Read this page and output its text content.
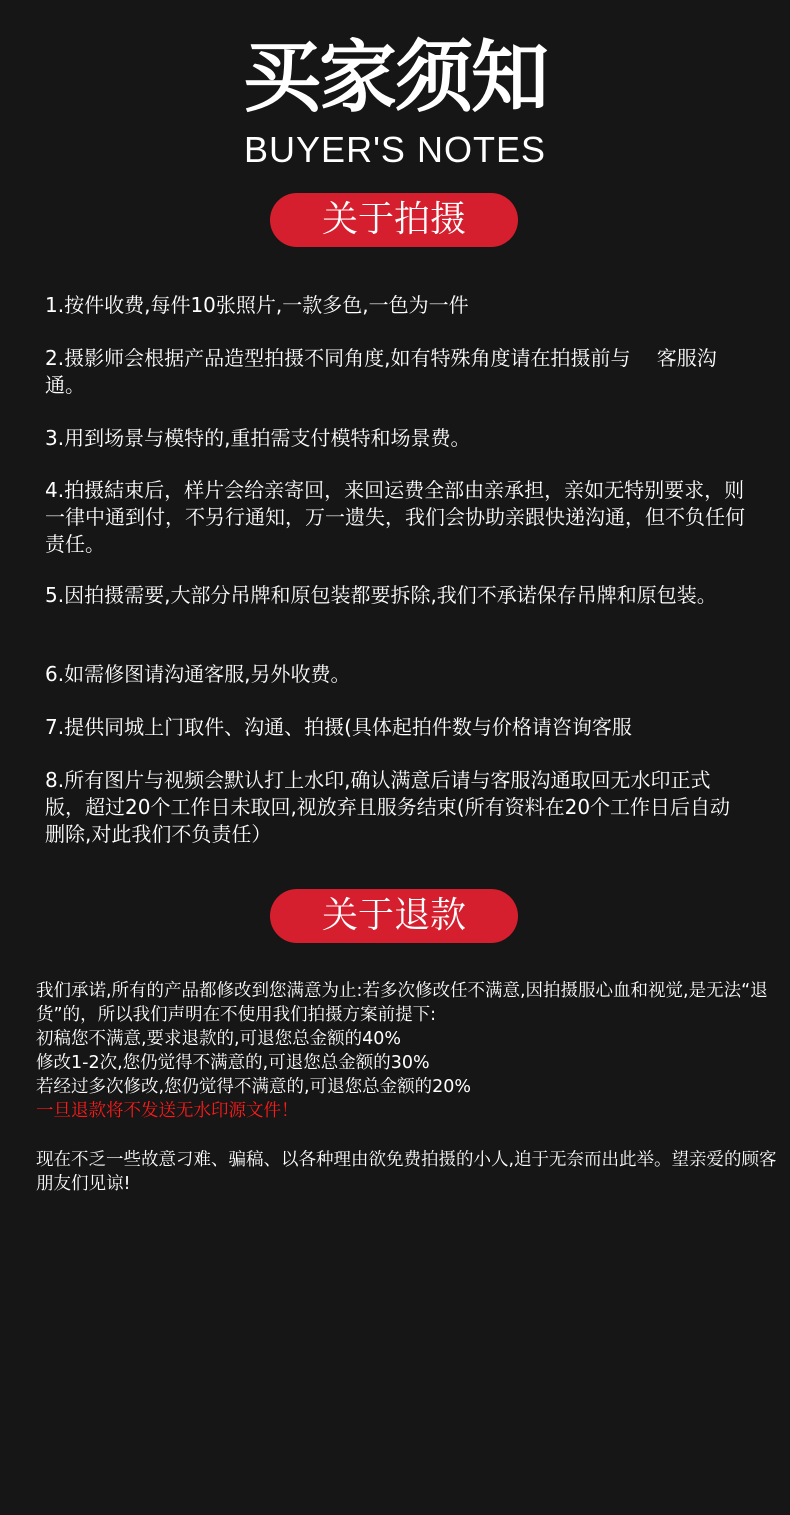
买家须知
BUYER'S NOTES
关于拍摄

1.按件收费,每件10张照片,一款多色,一色为一件

2.摄影师会根据产品造型拍摄不同角度,如有特殊角度请在拍摄前与　 客服沟通。

3.用到场景与模特的,重拍需支付模特和场景费。

4.拍摄結束后，样片会给亲寄回，来回运费全部由亲承担，亲如无特别要求，则一律中通到付，不另行通知，万一遗失，我们会协助亲跟快递沟通，但不负任何责任。

5.因拍摄需要,大部分吊牌和原包装都要拆除,我们不承诺保存吊牌和原包装。

6.如需修图请沟通客服,另外收费。

7.提供同城上门取件、沟通、拍摄(具体起拍件数与价格请咨询客服

8.所有图片与视频会默认打上水印,确认满意后请与客服沟通取回无水印正式版，超过20个工作日未取回,视放弃且服务结束(所有资料在20个工作日后自动删除,对此我们不负责任）

关于退款

我们承诺,所有的产品都修改到您满意为止:若多次修改任不满意,因拍摄服心血和视觉,是无法“退货”的，所以我们声明在不使用我们拍摄方案前提下:

初稿您不满意,要求退款的,可退您总金额的40%

修改1-2次,您仍觉得不满意的,可退您总金额的30%

若经过多次修改,您仍觉得不满意的,可退您总金额的20%

一旦退款将不发送无水印源文件！

现在不乏一些故意刁难、骗稿、以各种理由欲免费拍摄的小人,迫于无奈而出此举。望亲爱的顾客朋友们见谅!
